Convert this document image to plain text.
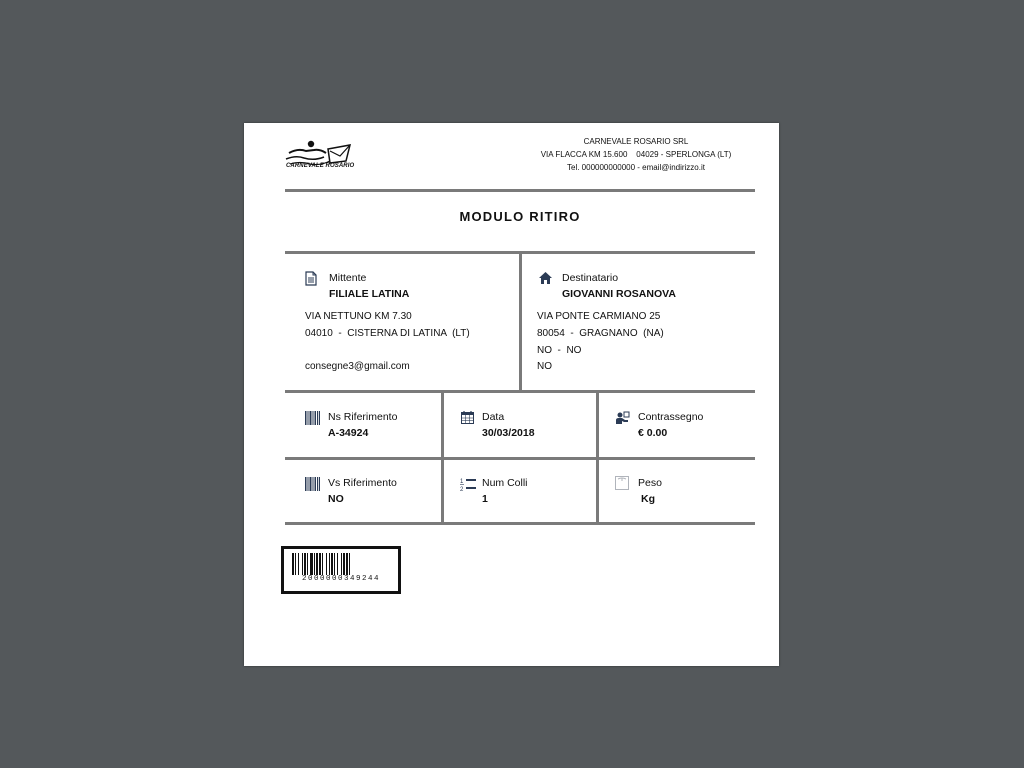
CARNEVALE ROSARIO
CARNEVALE ROSARIO SRL
VIA FLACCA KM 15.600    04029 - SPERLONGA (LT)
Tel. 000000000000 - email@indirizzo.it
MODULO RITIRO
Mittente
FILIALE LATINA
VIA NETTUNO KM 7.30
04010  -  CISTERNA DI LATINA  (LT)
consegne3@gmail.com
Destinatario
GIOVANNI ROSANOVA
VIA PONTE CARMIANO 25
80054  -  GRAGNANO  (NA)
NO  -  NO
NO
Ns Riferimento
A-34924
Data
30/03/2018
Contrassegno
€ 0.00
Vs Riferimento
NO
1
2
Num Colli
1
Peso
Kg
2000000349244
